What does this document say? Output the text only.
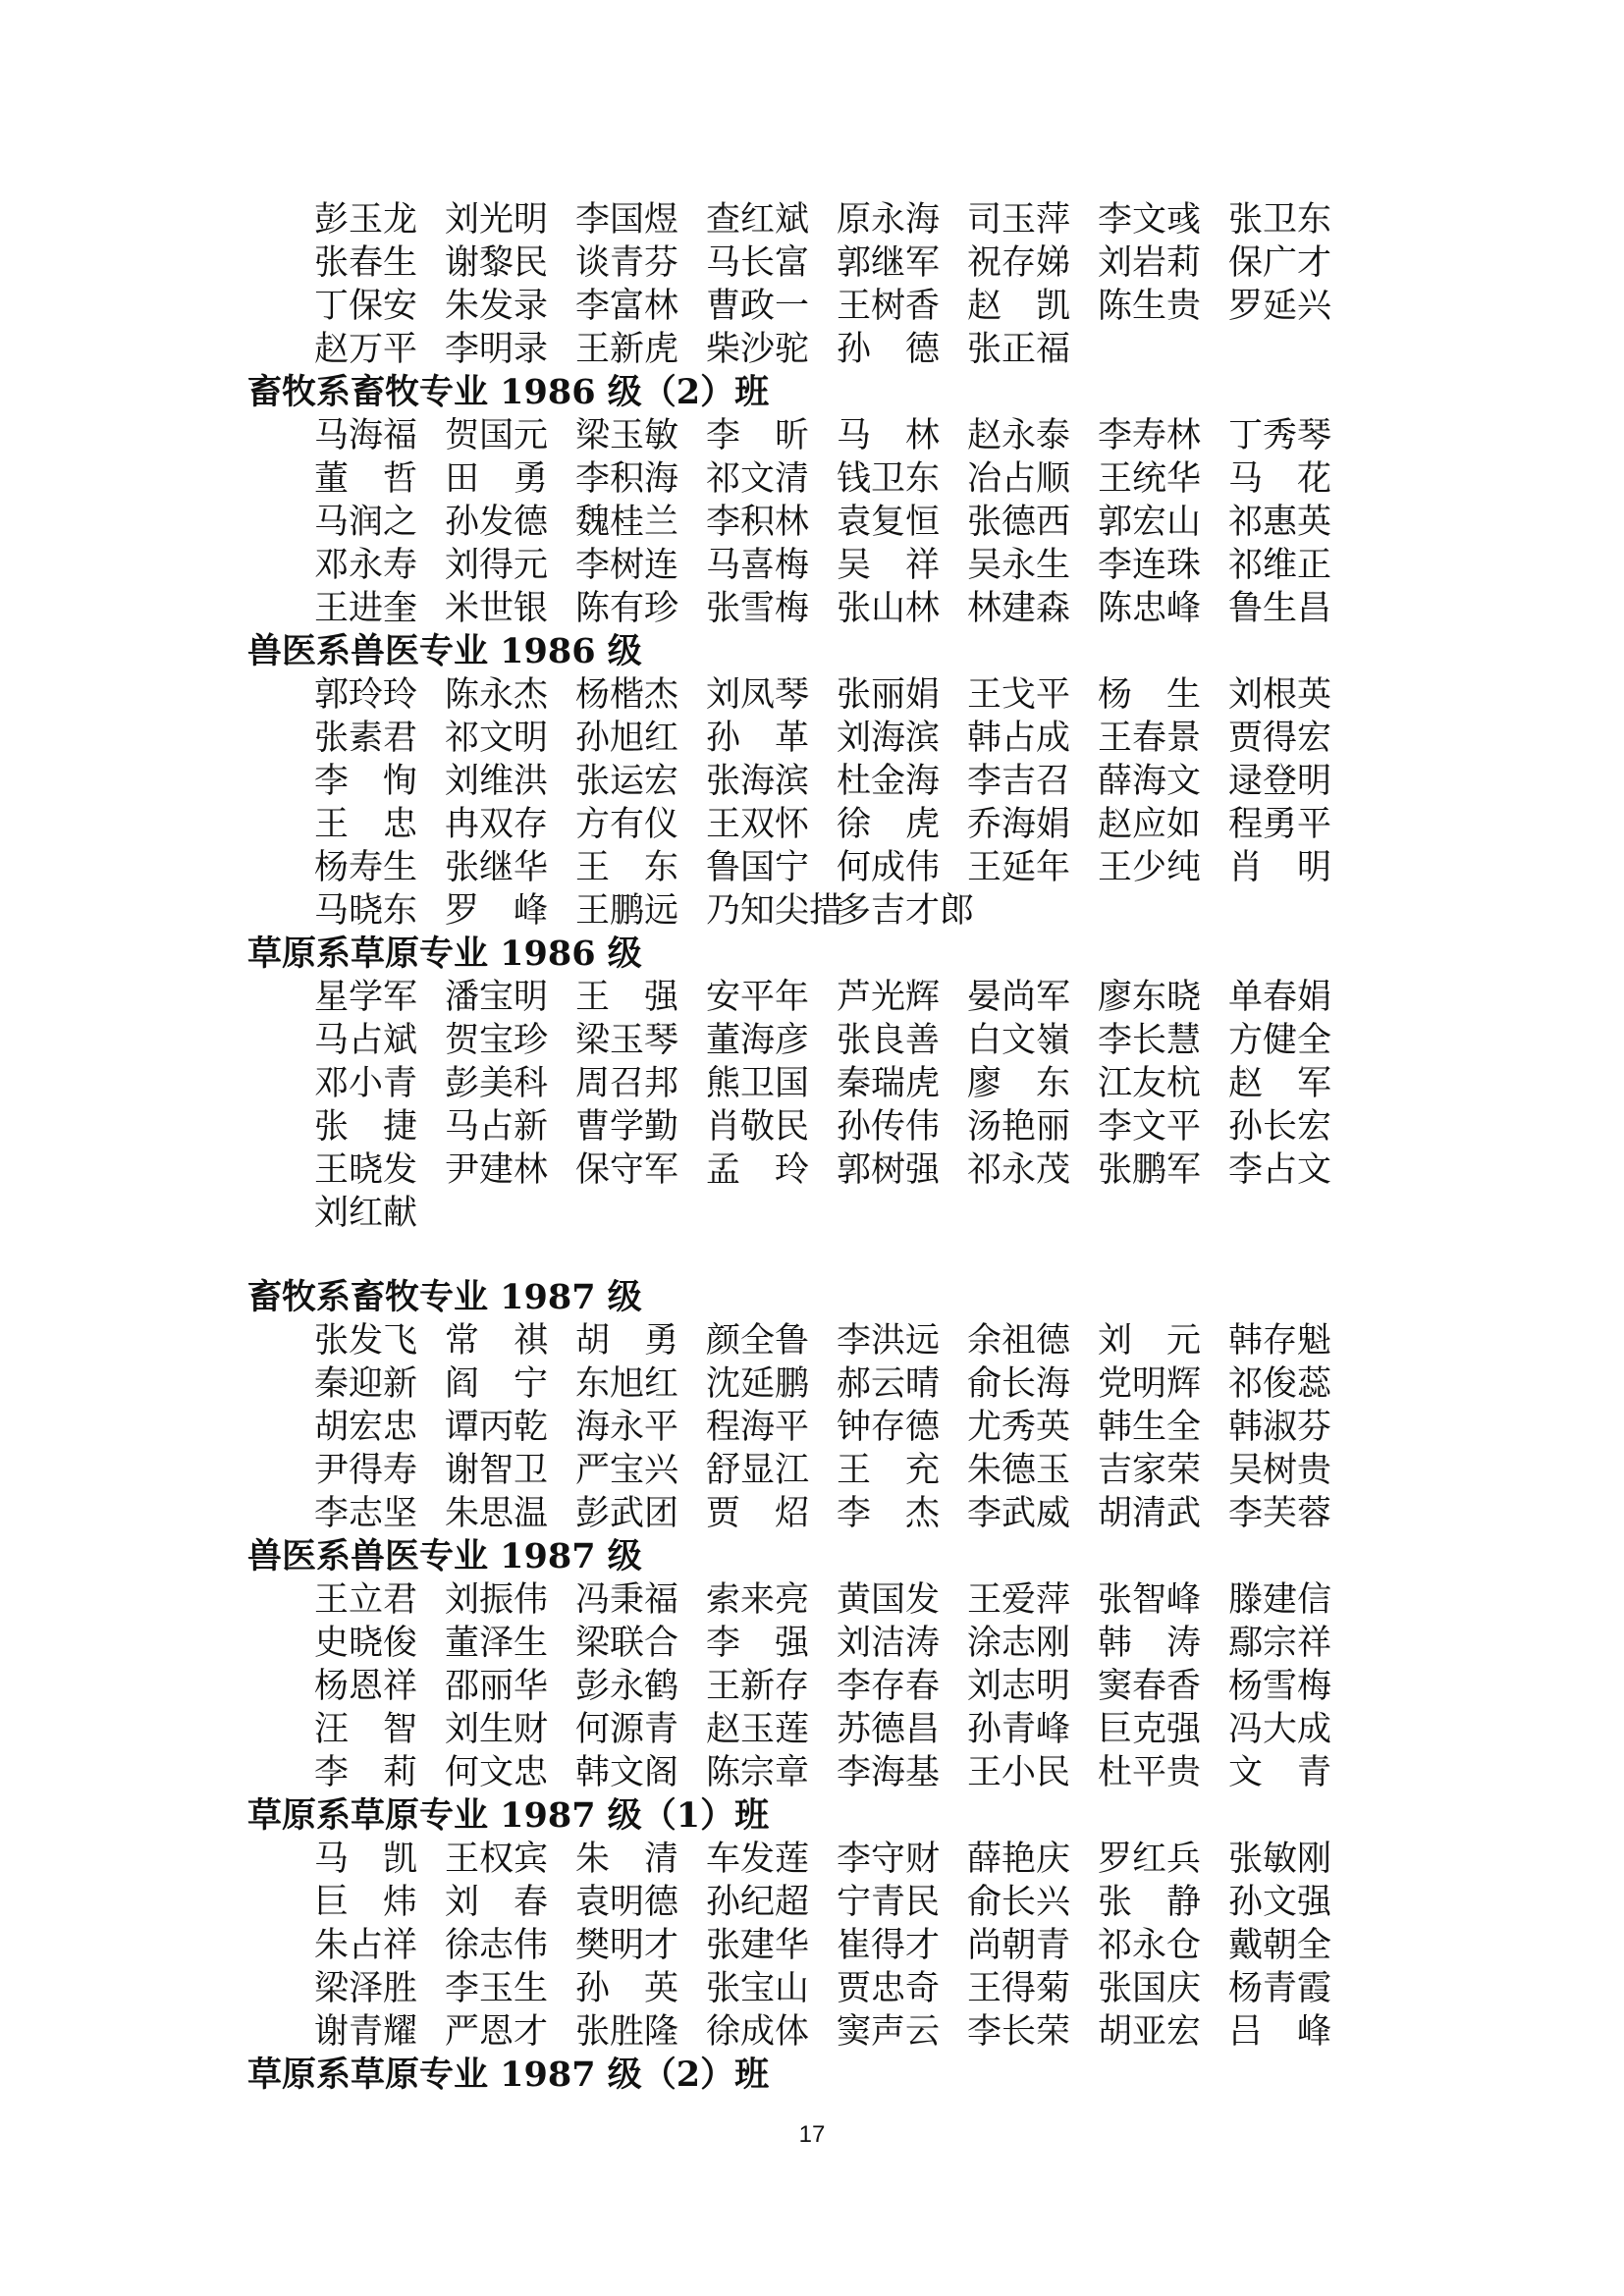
彭玉龙 刘光明 李国煜 查红斌 原永海 司玉萍 李文彧 张卫东
张春生 谢黎民 谈青芬 马长富 郭继军 祝存娣 刘岩莉 保广才
丁保安 朱发录 李富林 曹政一 王树香 赵　凯 陈生贵 罗延兴
赵万平 李明录 王新虎 柴沙驼 孙　德 张正福
畜牧系畜牧专业 1986 级（2）班
马海福 贺国元 梁玉敏 李　昕 马　林 赵永泰 李寿林 丁秀琴
董　哲 田　勇 李积海 祁文清 钱卫东 冶占顺 王统华 马　花
马润之 孙发德 魏桂兰 李积林 袁复恒 张德西 郭宏山 祁惠英
邓永寿 刘得元 李树连 马喜梅 吴　祥 吴永生 李连珠 祁维正
王进奎 米世银 陈有珍 张雪梅 张山林 林建森 陈忠峰 鲁生昌
兽医系兽医专业 1986 级
郭玲玲 陈永杰 杨楷杰 刘凤琴 张丽娟 王戈平 杨　生 刘根英
张素君 祁文明 孙旭红 孙　革 刘海滨 韩占成 王春景 贾得宏
李　恂 刘维洪 张运宏 张海滨 杜金海 李吉召 薛海文 逯登明
王　忠 冉双存 方有仪 王双怀 徐　虎 乔海娟 赵应如 程勇平
杨寿生 张继华 王　东 鲁国宁 何成伟 王延年 王少纯 肖　明
马晓东 罗　峰 王鹏远 乃知尖措多吉才郎
草原系草原专业 1986 级
星学军 潘宝明 王　强 安平年 芦光辉 晏尚军 廖东晓 单春娟
马占斌 贺宝珍 梁玉琴 董海彦 张良善 白文嶺 李长慧 方健全
邓小青 彭美科 周召邦 熊卫国 秦瑞虎 廖　东 江友杭 赵　军
张　捷 马占新 曹学勤 肖敬民 孙传伟 汤艳丽 李文平 孙长宏
王晓发 尹建林 保守军 孟　玲 郭树强 祁永茂 张鹏军 李占文
刘红献
畜牧系畜牧专业 1987 级
张发飞 常　祺 胡　勇 颜全鲁 李洪远 余祖德 刘　元 韩存魁
秦迎新 阎　宁 东旭红 沈延鹏 郝云晴 俞长海 党明辉 祁俊蕊
胡宏忠 谭丙乾 海永平 程海平 钟存德 尤秀英 韩生全 韩淑芬
尹得寿 谢智卫 严宝兴 舒显江 王　充 朱德玉 吉家荣 吴树贵
李志坚 朱思温 彭武团 贾　炤 李　杰 李武威 胡清武 李芙蓉
兽医系兽医专业 1987 级
王立君 刘振伟 冯秉福 索来亮 黄国发 王爱萍 张智峰 滕建信
史晓俊 董泽生 梁联合 李　强 刘洁涛 涂志刚 韩　涛 鄢宗祥
杨恩祥 邵丽华 彭永鹤 王新存 李存春 刘志明 窦春香 杨雪梅
汪　智 刘生财 何源青 赵玉莲 苏德昌 孙青峰 巨克强 冯大成
李　莉 何文忠 韩文阁 陈宗章 李海基 王小民 杜平贵 文　青
草原系草原专业 1987 级（1）班
马　凯 王权宾 朱　清 车发莲 李守财 薛艳庆 罗红兵 张敏刚
巨　炜 刘　春 袁明德 孙纪超 宁青民 俞长兴 张　静 孙文强
朱占祥 徐志伟 樊明才 张建华 崔得才 尚朝青 祁永仓 戴朝全
梁泽胜 李玉生 孙　英 张宝山 贾忠奇 王得菊 张国庆 杨青霞
谢青耀 严恩才 张胜隆 徐成体 窦声云 李长荣 胡亚宏 吕　峰
草原系草原专业 1987 级（2）班
17
